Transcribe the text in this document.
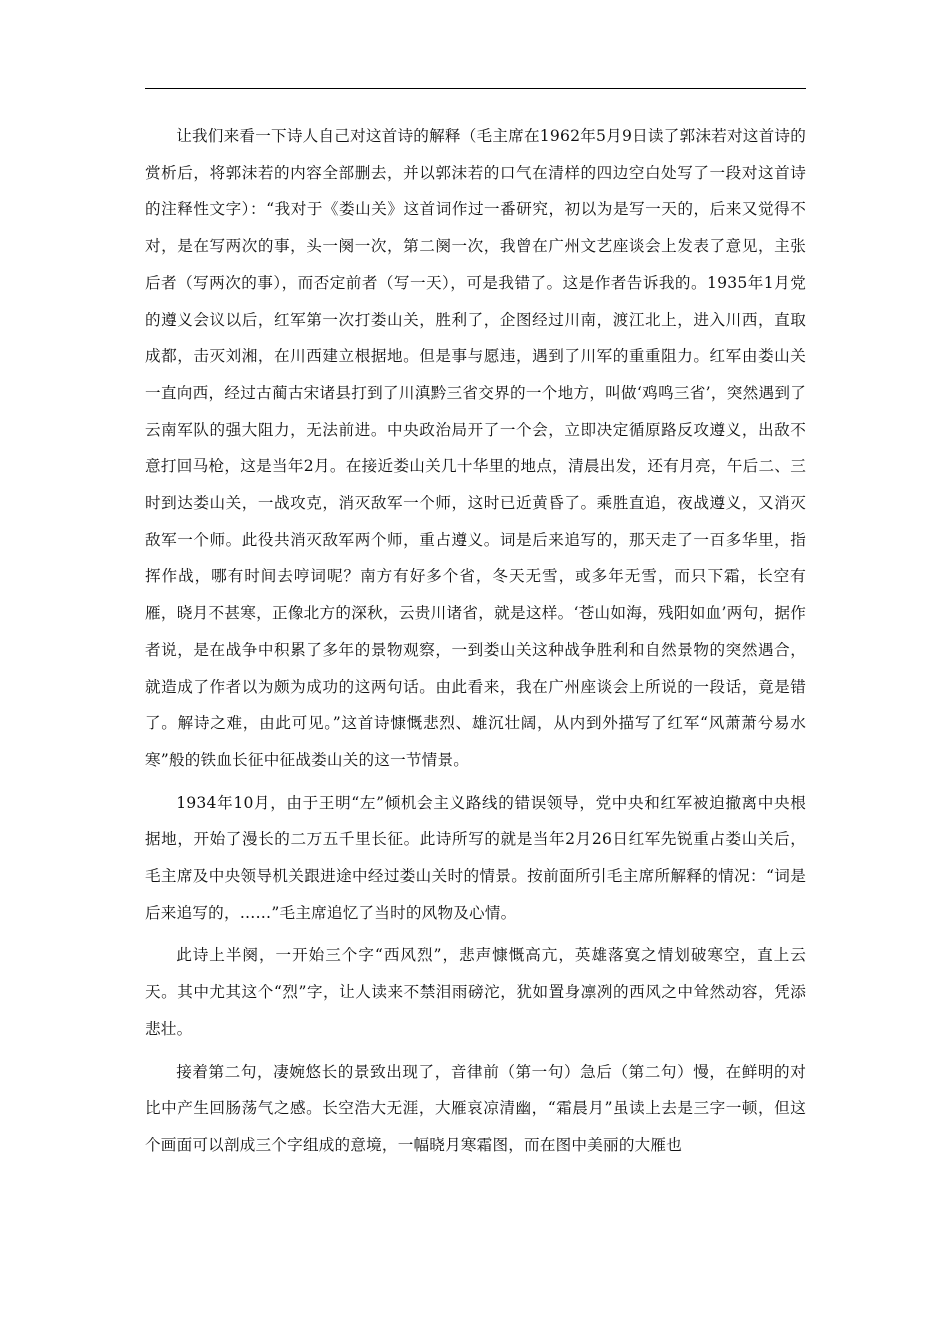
让我们来看一下诗人自己对这首诗的解释（毛主席在1962年5月9日读了郭沫若对这首诗的赏析后，将郭沫若的内容全部删去，并以郭沫若的口气在清样的四边空白处写了一段对这首诗的注释性文字）：“我对于《娄山关》这首词作过一番研究，初以为是写一天的，后来又觉得不对，是在写两次的事，头一阕一次，第二阕一次，我曾在广州文艺座谈会上发表了意见，主张后者（写两次的事），而否定前者（写一天），可是我错了。这是作者告诉我的。1935年1月党的遵义会议以后，红军第一次打娄山关，胜利了，企图经过川南，渡江北上，进入川西，直取成都，击灭刘湘，在川西建立根据地。但是事与愿违，遇到了川军的重重阻力。红军由娄山关一直向西，经过古蔺古宋诸县打到了川滇黔三省交界的一个地方，叫做‘鸡鸣三省’，突然遇到了云南军队的强大阻力，无法前进。中央政治局开了一个会，立即决定循原路反攻遵义，出敌不意打回马枪，这是当年2月。在接近娄山关几十华里的地点，清晨出发，还有月亮，午后二、三时到达娄山关，一战攻克，消灭敌军一个师，这时已近黄昏了。乘胜直追，夜战遵义，又消灭敌军一个师。此役共消灭敌军两个师，重占遵义。词是后来追写的，那天走了一百多华里，指挥作战，哪有时间去哼词呢？南方有好多个省，冬天无雪，或多年无雪，而只下霜，长空有雁，晓月不甚寒，正像北方的深秋，云贵川诸省，就是这样。‘苍山如海，残阳如血’两句，据作者说，是在战争中积累了多年的景物观察，一到娄山关这种战争胜利和自然景物的突然遇合，就造成了作者以为颇为成功的这两句话。由此看来，我在广州座谈会上所说的一段话，竟是错了。解诗之难，由此可见。”这首诗慷慨悲烈、雄沉壮阔，从内到外描写了红军“风萧萧兮易水寒”般的铁血长征中征战娄山关的这一节情景。

1934年10月，由于王明“左”倾机会主义路线的错误领导，党中央和红军被迫撤离中央根据地，开始了漫长的二万五千里长征。此诗所写的就是当年2月26日红军先锐重占娄山关后，毛主席及中央领导机关跟进途中经过娄山关时的情景。按前面所引毛主席所解释的情况：“词是后来追写的，……”毛主席追忆了当时的风物及心情。

此诗上半阕，一开始三个字“西风烈”，悲声慷慨高亢，英雄落寞之情划破寒空，直上云天。其中尤其这个“烈”字，让人读来不禁泪雨磅沱，犹如置身凛冽的西风之中耸然动容，凭添悲壮。

接着第二句，凄婉悠长的景致出现了，音律前（第一句）急后（第二句）慢，在鲜明的对比中产生回肠荡气之感。长空浩大无涯，大雁哀凉清幽，“霜晨月”虽读上去是三字一顿，但这个画面可以剖成三个字组成的意境，一幅晓月寒霜图，而在图中美丽的大雁也
